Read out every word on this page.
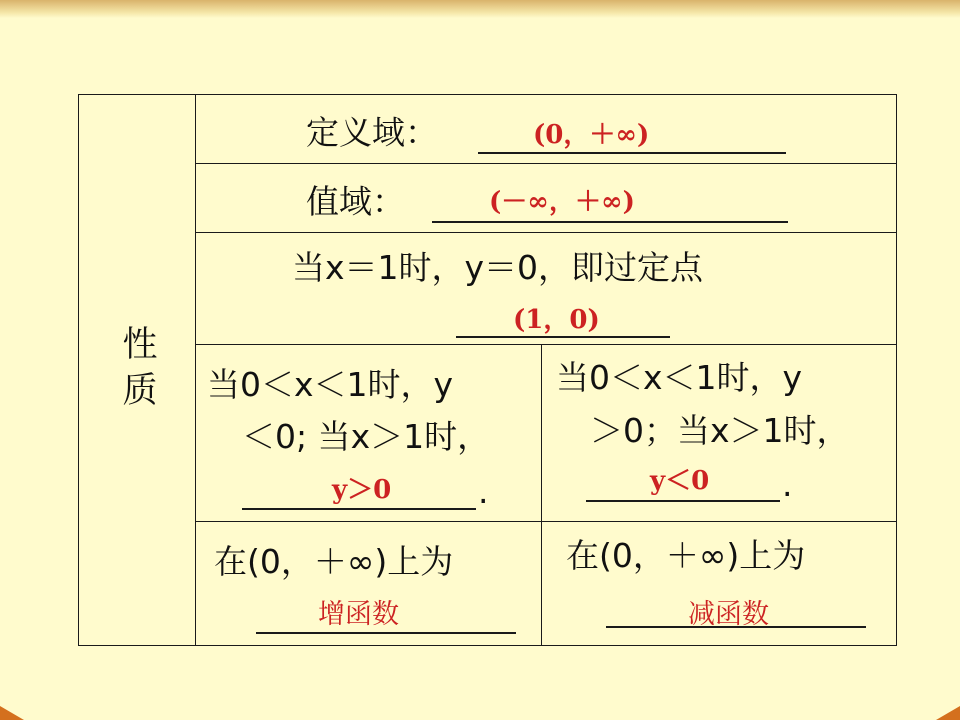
性
质
定义域：	(0，＋∞)
值域：	(－∞，＋∞)
当x＝1时，y＝0，即过定点
(1，0)
当0＜x＜1时，y
＜0; 当x＞1时，
.
y＞0
当0＜x＜1时，y
＞0；当x＞1时，
.
y＜0
在(0，＋∞)上为
增函数
在(0，＋∞)上为
减函数
